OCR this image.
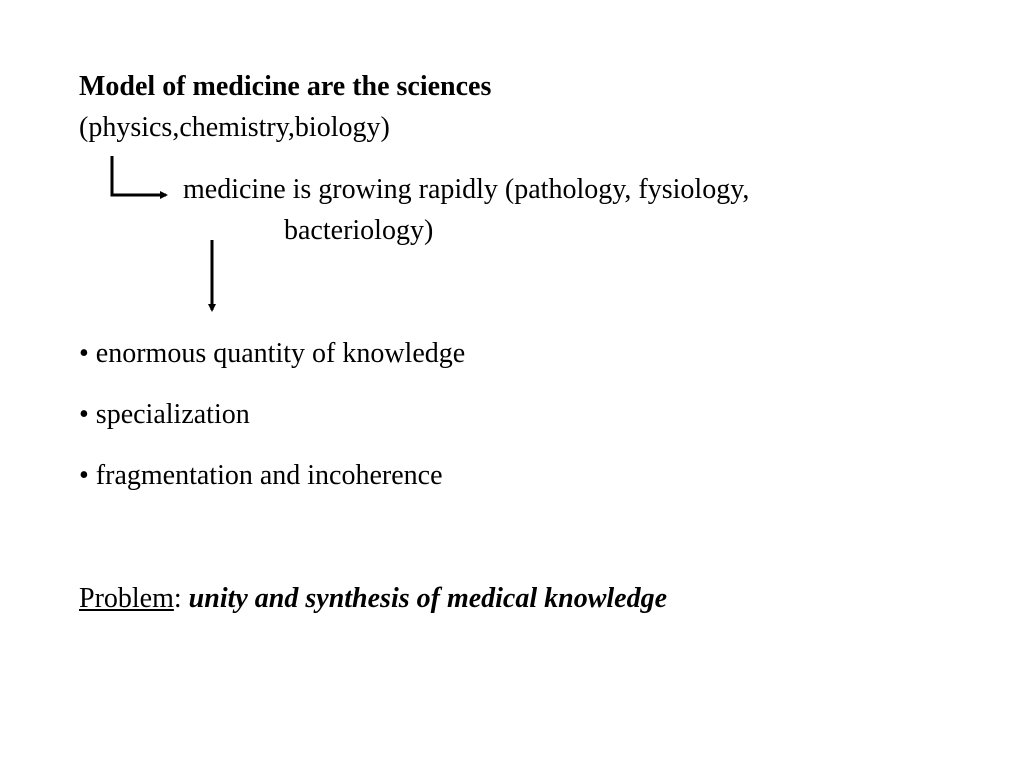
Model of medicine are the sciences
(physics,chemistry,biology)
medicine is growing rapidly (pathology, fysiology,
bacteriology)
• enormous quantity of knowledge
• specialization
• fragmentation and incoherence
Problem: unity and synthesis of medical knowledge
